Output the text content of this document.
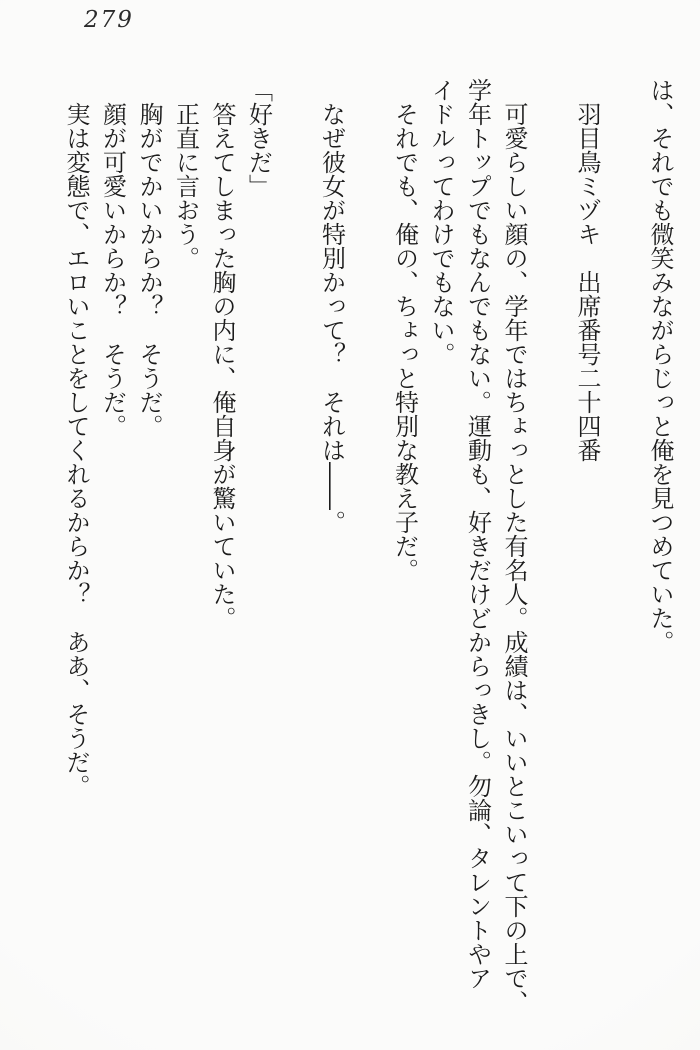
279

は、それでも微笑みながらじっと俺を見つめていた。

羽目鳥ミヅキ　出席番号二十四番

可愛らしい顔の、学年ではちょっとした有名人。成績は、いいとこいって下の上で、

学年トップでもなんでもない。運動も、好きだけどからっきし。勿論、タレントやア

イドルってわけでもない。

それでも、俺の、ちょっと特別な教え子だ。

なぜ彼女が特別かって？　それは――。

「好きだ」

答えてしまった胸の内に、俺自身が驚いていた。

正直に言おう。

胸がでかいからか？　そうだ。

顔が可愛いからか？　そうだ。

実は変態で、エロいことをしてくれるからか？　ああ、そうだ。
